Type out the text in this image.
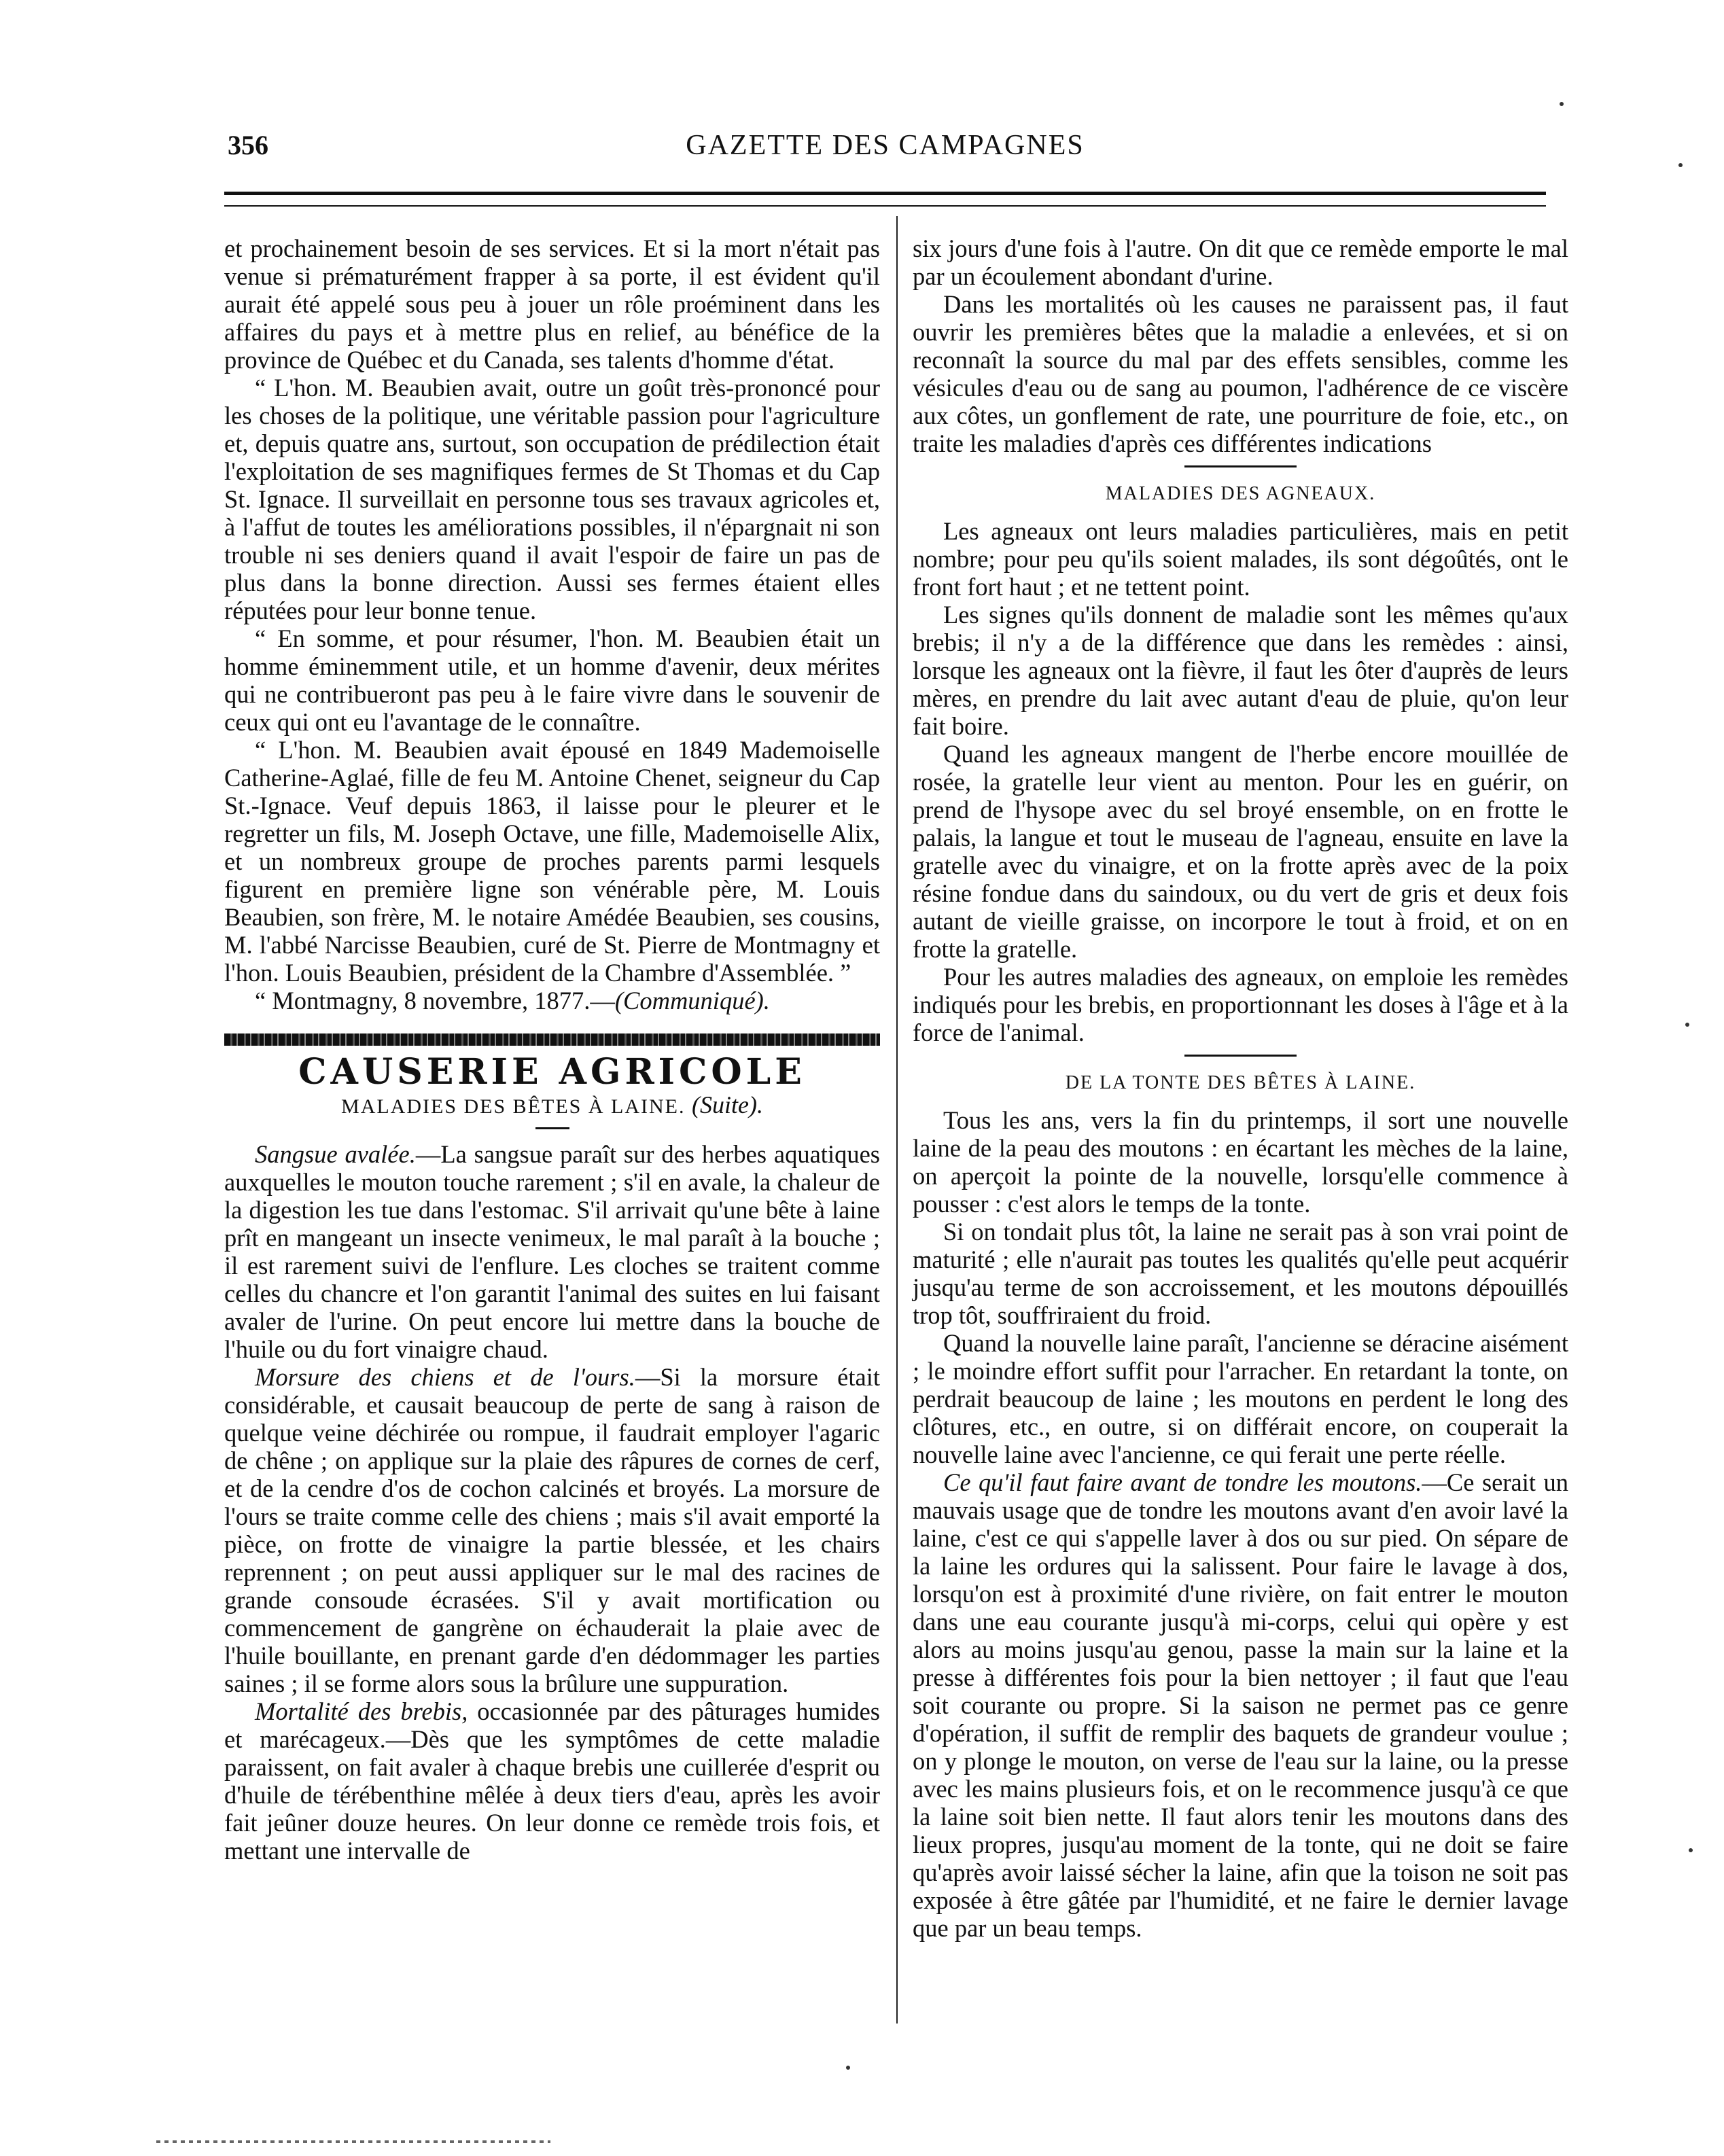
356	GAZETTE DES CAMPAGNES

et prochainement besoin de ses services. Et si la mort n'était pas venue si prématurément frapper à sa porte, il est évident qu'il aurait été appelé sous peu à jouer un rôle proéminent dans les affaires du pays et à mettre plus en relief, au bénéfice de la province de Québec et du Canada, ses talents d'homme d'état.

“ L'hon. M. Beaubien avait, outre un goût très-prononcé pour les choses de la politique, une véritable passion pour l'agriculture et, depuis quatre ans, surtout, son occupation de prédilection était l'exploitation de ses magnifiques fermes de St Thomas et du Cap St. Ignace. Il surveillait en personne tous ses travaux agricoles et, à l'affut de toutes les améliorations possibles, il n'épargnait ni son trouble ni ses deniers quand il avait l'espoir de faire un pas de plus dans la bonne direction. Aussi ses fermes étaient elles réputées pour leur bonne tenue.

“ En somme, et pour résumer, l'hon. M. Beaubien était un homme éminemment utile, et un homme d'avenir, deux mérites qui ne contribueront pas peu à le faire vivre dans le souvenir de ceux qui ont eu l'avantage de le connaître.

“ L'hon. M. Beaubien avait épousé en 1849 Mademoiselle Catherine-Aglaé, fille de feu M. Antoine Chenet, seigneur du Cap St.-Ignace. Veuf depuis 1863, il laisse pour le pleurer et le regretter un fils, M. Joseph Octave, une fille, Mademoiselle Alix, et un nombreux groupe de proches parents parmi lesquels figurent en première ligne son vénérable père, M. Louis Beaubien, son frère, M. le notaire Amédée Beaubien, ses cousins, M. l'abbé Narcisse Beaubien, curé de St. Pierre de Montmagny et l'hon. Louis Beaubien, président de la Chambre d'Assemblée. ”

“ Montmagny, 8 novembre, 1877.—(Communiqué).

CAUSERIE AGRICOLE
MALADIES DES BÊTES À LAINE. (Suite).

Sangsue avalée.—La sangsue paraît sur des herbes aquatiques auxquelles le mouton touche rarement ; s'il en avale, la chaleur de la digestion les tue dans l'estomac. S'il arrivait qu'une bête à laine prît en mangeant un insecte venimeux, le mal paraît à la bouche ; il est rarement suivi de l'enflure. Les cloches se traitent comme celles du chancre et l'on garantit l'animal des suites en lui faisant avaler de l'urine. On peut encore lui mettre dans la bouche de l'huile ou du fort vinaigre chaud.

Morsure des chiens et de l'ours.—Si la morsure était considérable, et causait beaucoup de perte de sang à raison de quelque veine déchirée ou rompue, il faudrait employer l'agaric de chêne ; on applique sur la plaie des râpures de cornes de cerf, et de la cendre d'os de cochon calcinés et broyés. La morsure de l'ours se traite comme celle des chiens ; mais s'il avait emporté la pièce, on frotte de vinaigre la partie blessée, et les chairs reprennent ; on peut aussi appliquer sur le mal des racines de grande consoude écrasées. S'il y avait mortification ou commencement de gangrène on échauderait la plaie avec de l'huile bouillante, en prenant garde d'en dédommager les parties saines ; il se forme alors sous la brûlure une suppuration.

Mortalité des brebis, occasionnée par des pâturages humides et marécageux.—Dès que les symptômes de cette maladie paraissent, on fait avaler à chaque brebis une cuillerée d'esprit ou d'huile de térébenthine mêlée à deux tiers d'eau, après les avoir fait jeûner douze heures. On leur donne ce remède trois fois, et mettant une intervalle de

six jours d'une fois à l'autre. On dit que ce remède emporte le mal par un écoulement abondant d'urine.

Dans les mortalités où les causes ne paraissent pas, il faut ouvrir les premières bêtes que la maladie a enlevées, et si on reconnaît la source du mal par des effets sensibles, comme les vésicules d'eau ou de sang au poumon, l'adhérence de ce viscère aux côtes, un gonflement de rate, une pourriture de foie, etc., on traite les maladies d'après ces différentes indications

MALADIES DES AGNEAUX.

Les agneaux ont leurs maladies particulières, mais en petit nombre; pour peu qu'ils soient malades, ils sont dégoûtés, ont le front fort haut ; et ne tettent point.

Les signes qu'ils donnent de maladie sont les mêmes qu'aux brebis; il n'y a de la différence que dans les remèdes : ainsi, lorsque les agneaux ont la fièvre, il faut les ôter d'auprès de leurs mères, en prendre du lait avec autant d'eau de pluie, qu'on leur fait boire.

Quand les agneaux mangent de l'herbe encore mouillée de rosée, la gratelle leur vient au menton. Pour les en guérir, on prend de l'hysope avec du sel broyé ensemble, on en frotte le palais, la langue et tout le museau de l'agneau, ensuite en lave la gratelle avec du vinaigre, et on la frotte après avec de la poix résine fondue dans du saindoux, ou du vert de gris et deux fois autant de vieille graisse, on incorpore le tout à froid, et on en frotte la gratelle.

Pour les autres maladies des agneaux, on emploie les remèdes indiqués pour les brebis, en proportionnant les doses à l'âge et à la force de l'animal.

DE LA TONTE DES BÊTES À LAINE.

Tous les ans, vers la fin du printemps, il sort une nouvelle laine de la peau des moutons : en écartant les mèches de la laine, on aperçoit la pointe de la nouvelle, lorsqu'elle commence à pousser : c'est alors le temps de la tonte.

Si on tondait plus tôt, la laine ne serait pas à son vrai point de maturité ; elle n'aurait pas toutes les qualités qu'elle peut acquérir jusqu'au terme de son accroissement, et les moutons dépouillés trop tôt, souffriraient du froid.

Quand la nouvelle laine paraît, l'ancienne se déracine aisément ; le moindre effort suffit pour l'arracher. En retardant la tonte, on perdrait beaucoup de laine ; les moutons en perdent le long des clôtures, etc., en outre, si on différait encore, on couperait la nouvelle laine avec l'ancienne, ce qui ferait une perte réelle.

Ce qu'il faut faire avant de tondre les moutons.—Ce serait un mauvais usage que de tondre les moutons avant d'en avoir lavé la laine, c'est ce qui s'appelle laver à dos ou sur pied. On sépare de la laine les ordures qui la salissent. Pour faire le lavage à dos, lorsqu'on est à proximité d'une rivière, on fait entrer le mouton dans une eau courante jusqu'à mi-corps, celui qui opère y est alors au moins jusqu'au genou, passe la main sur la laine et la presse à différentes fois pour la bien nettoyer ; il faut que l'eau soit courante ou propre. Si la saison ne permet pas ce genre d'opération, il suffit de remplir des baquets de grandeur voulue ; on y plonge le mouton, on verse de l'eau sur la laine, ou la presse avec les mains plusieurs fois, et on le recommence jusqu'à ce que la laine soit bien nette. Il faut alors tenir les moutons dans des lieux propres, jusqu'au moment de la tonte, qui ne doit se faire qu'après avoir laissé sécher la laine, afin que la toison ne soit pas exposée à être gâtée par l'humidité, et ne faire le dernier lavage que par un beau temps.
